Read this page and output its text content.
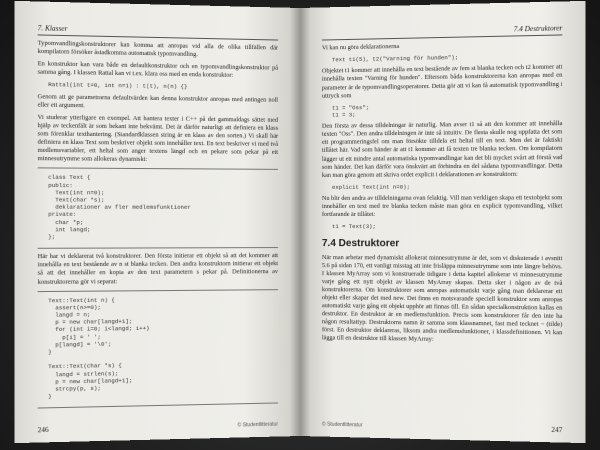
7. Klasser

Typomvandlingskonstruktorer kan komma att anropas vid alla de olika tillfällen där kompilatorn försöker åstadkomma automatisk typomvandling.

En konstruktor kan vara både en defaultkonstruktor och en typomvandlingskonstruktor på samma gång. I klassen Rattal kan vi t.ex. klara oss med en enda konstruktor:

Rattal(int t=0, int n=1) : t(t), n(n) {}

Genom att ge parametrarna defaultvärden kan denna konstruktor anropas med antingen noll eller ett argument.

Vi studerar ytterligare en exempel. Att hantera texter i C++ på det gammaldags sättet med hjälp av teckenfält är som bekant inte bekvämt. Det är därför naturligt att definiera en klass som förenklar texthantering. (Standardklassen string är en klass av den sorten.) Vi skall här definiera en klass Text som beskriver objekt som innehåller text. En text beskriver vi med två medlemsvariabler, ett heltal som anger textens längd och en pekare som pekar på ett minnesutrymme som allokeras dynamiskt:

class Text {
public:
Text(int n=0);
Text(char *s);
deklarationer av fler medlemsfunktioner
private:
char *p;
int langd;
};

Här har vi deklarerat två konstruktorer. Den första initierar ett objekt så att det kommer att innehålla en text bestående av n st blanka tecken. Den andra konstruktorn initierar ett objekt så att det innehåller en kopia av den text parametern s pekar på. Definitionerna av konstruktorerna gör vi separat:

Text::Text(int n) {
assert(n>=0);
langd = n;
p = new char[langd+1];
for (int i=0; i<langd; i++)
p[i] = ' ';
p[langd] = '\0';
}

Text::Text(char *s) {
langd = strlen(s);
p = new char[langd+1];
strcpy(p, s);
}
246
© Studentlitteratur
7.4 Destruktorer

Vi kan nu göra deklarationerna

Text t1(5), t2("Varning för hunden");

Objektet t1 kommer att innehålla en text bestående av fem st blanka tecken och t2 kommer att innehålla texten "Varning för hunden". Eftersom båda konstruktorerna kan anropas med en parameter är de typomvandlingsoperatorer. Detta gör att vi kan få automatisk typomvandling i uttryck som

t1 = "Oss";
t1 = 3;

Den första av dessa tilldelningar är naturlig. Man avser t1 så att den kommer att innehålla texten "Oss". Den andra tilldelningen är inte så intuitiv. De flesta skulle nog uppfatta det som ett programmeringsfel om man försökte tilldela ett heltal till en text. Men det är faktiskt tillåtet här. Vad som händer är att t1 kommer att få texten tre blanka tecken. Om kompilatorn lägger ut ett mindre antal automatiska typomvandlingar kan det bli mycket svårt att förstå vad som händer. Det kan därför vara önskvärt att förhindra en del sådana typomvandlingar. Detta kan man göra genom att skriva ordet explicit i deklarationen av konstruktorn:

explicit Text(int n=0);

Nu blir den andra av tilldelningarna ovan felaktig. Vill man verkligen skapa ett textobjekt som innehåller en text med tre blanka tecken måste man göra en explicit typomvandling, vilket fortfarande är tillåtet:

t1 = Text(3);
7.4 Destruktorer

När man arbetar med dynamiskt allokerat minnesutrymme är det, som vi diskuterade i avsnitt 5.6 på sidan 170, ett vanligt misstag att inte frisläppa minnesutrymme som inte längre behövs. I klassen MyArray som vi konstruerade tidigare i detta kapitel allokerar vi minnesutrymme varje gång ett nytt objekt av klassen MyArray skapas. Detta sker i någon av de två konstruktorerna. Om konstruktorer som anropas automatiskt varje gång man deklarerar ett objekt eller skapar det med new. Det finns en motsvarande speciell konstruktor som anropas automatiskt varje gång ett objekt upphör att finnas till. En sådan specialkonstruktion kallas en destruktor. En destruktor är en medlemsfunktion. Precis som konstruktorer får den inte ha någon resultattyp. Destruktorns namn är samma som klassnamnet, fast med tecknet ~ (tilde) först. En destruktor deklareras, liksom andra medlemsfunktioner, i klassdefinitionen. Vi kan lägga till en destruktor till klassen MyArray:

247
© Studentlitteratur
